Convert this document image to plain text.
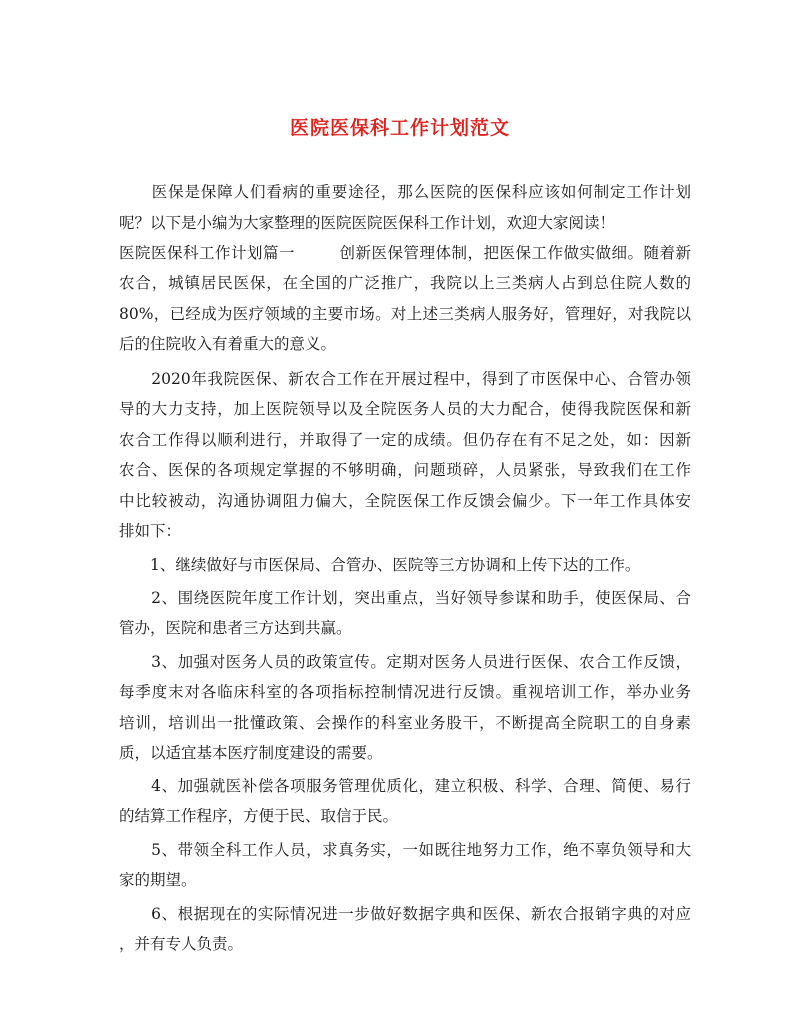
医院医保科工作计划范文
　　医保是保障人们看病的重要途径，那么医院的医保科应该如何制定工作计划
呢？以下是小编为大家整理的医院医院医保科工作计划，欢迎大家阅读！
医院医保科工作计划篇一	创新医保管理体制，把医保工作做实做细。随着新
农合，城镇居民医保，在全国的广泛推广，我院以上三类病人占到总住院人数的
80%，已经成为医疗领域的主要市场。对上述三类病人服务好，管理好，对我院以
后的住院收入有着重大的意义。
　　2020年我院医保、新农合工作在开展过程中，得到了市医保中心、合管办领
导的大力支持，加上医院领导以及全院医务人员的大力配合，使得我院医保和新
农合工作得以顺利进行，并取得了一定的成绩。但仍存在有不足之处，如：因新
农合、医保的各项规定掌握的不够明确，问题琐碎，人员紧张，导致我们在工作
中比较被动，沟通协调阻力偏大，全院医保工作反馈会偏少。下一年工作具体安
排如下：
　　1、继续做好与市医保局、合管办、医院等三方协调和上传下达的工作。
　　2、围绕医院年度工作计划，突出重点，当好领导参谋和助手，使医保局、合
管办，医院和患者三方达到共赢。
　　3、加强对医务人员的政策宣传。定期对医务人员进行医保、农合工作反馈，
每季度末对各临床科室的各项指标控制情况进行反馈。重视培训工作，举办业务
培训，培训出一批懂政策、会操作的科室业务股干，不断提高全院职工的自身素
质，以适宜基本医疗制度建设的需要。
　　4、加强就医补偿各项服务管理优质化，建立积极、科学、合理、简便、易行
的结算工作程序，方便于民、取信于民。
　　5、带领全科工作人员，求真务实，一如既往地努力工作，绝不辜负领导和大
家的期望。
　　6、根据现在的实际情况进一步做好数据字典和医保、新农合报销字典的对应
，并有专人负责。
